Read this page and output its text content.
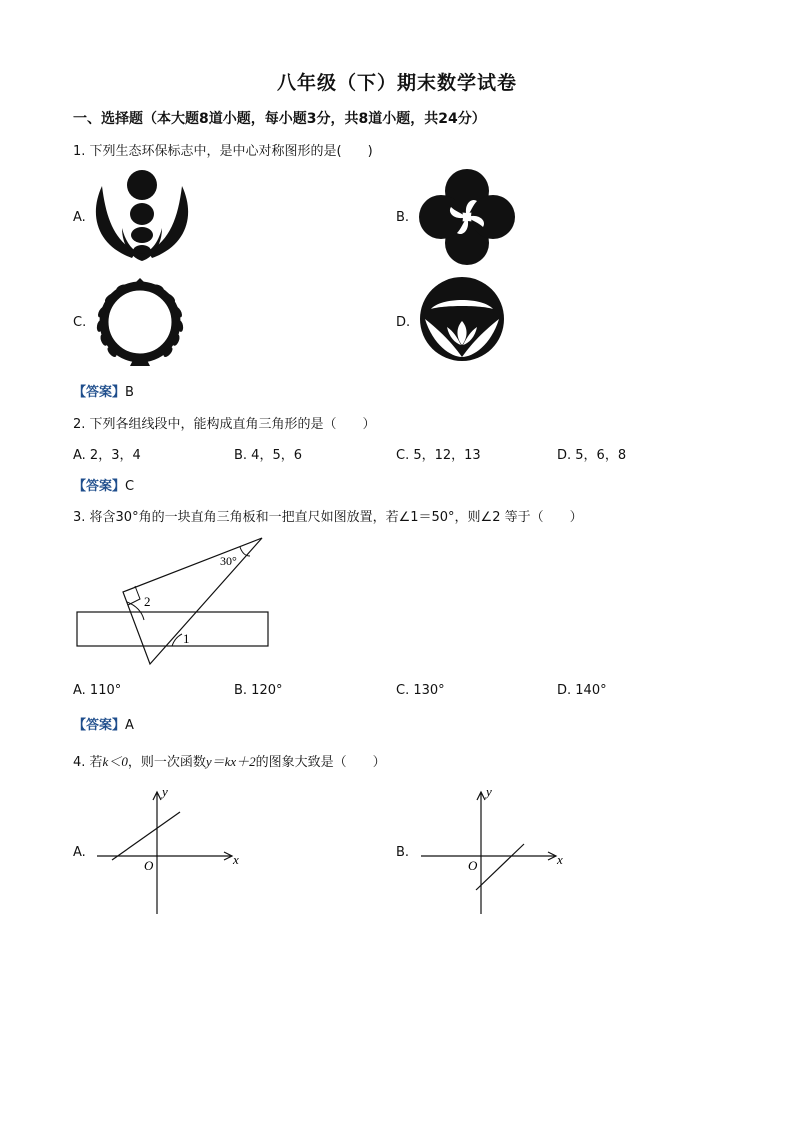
八年级（下）期末数学试卷
一、选择题（本大题8道小题，每小题3分，共8道小题，共24分）
1. 下列生态环保标志中，是中心对称图形的是(　　)
A.	B.
C.	D.
【答案】B
2. 下列各组线段中，能构成直角三角形的是（　　）
A. 2，3，4	B. 4，5，6	C. 5，12，13	D. 5，6，8
【答案】C
3. 将含30°角的一块直角三角板和一把直尺如图放置，若∠1＝50°，则∠2 等于（　　）
30°
2
1
A. 110°	B. 120°	C. 130°	D. 140°
【答案】A
4. 若k＜0，则一次函数y＝kx＋2的图象大致是（　　）
A.	x
y
O
B.	x
y
O
